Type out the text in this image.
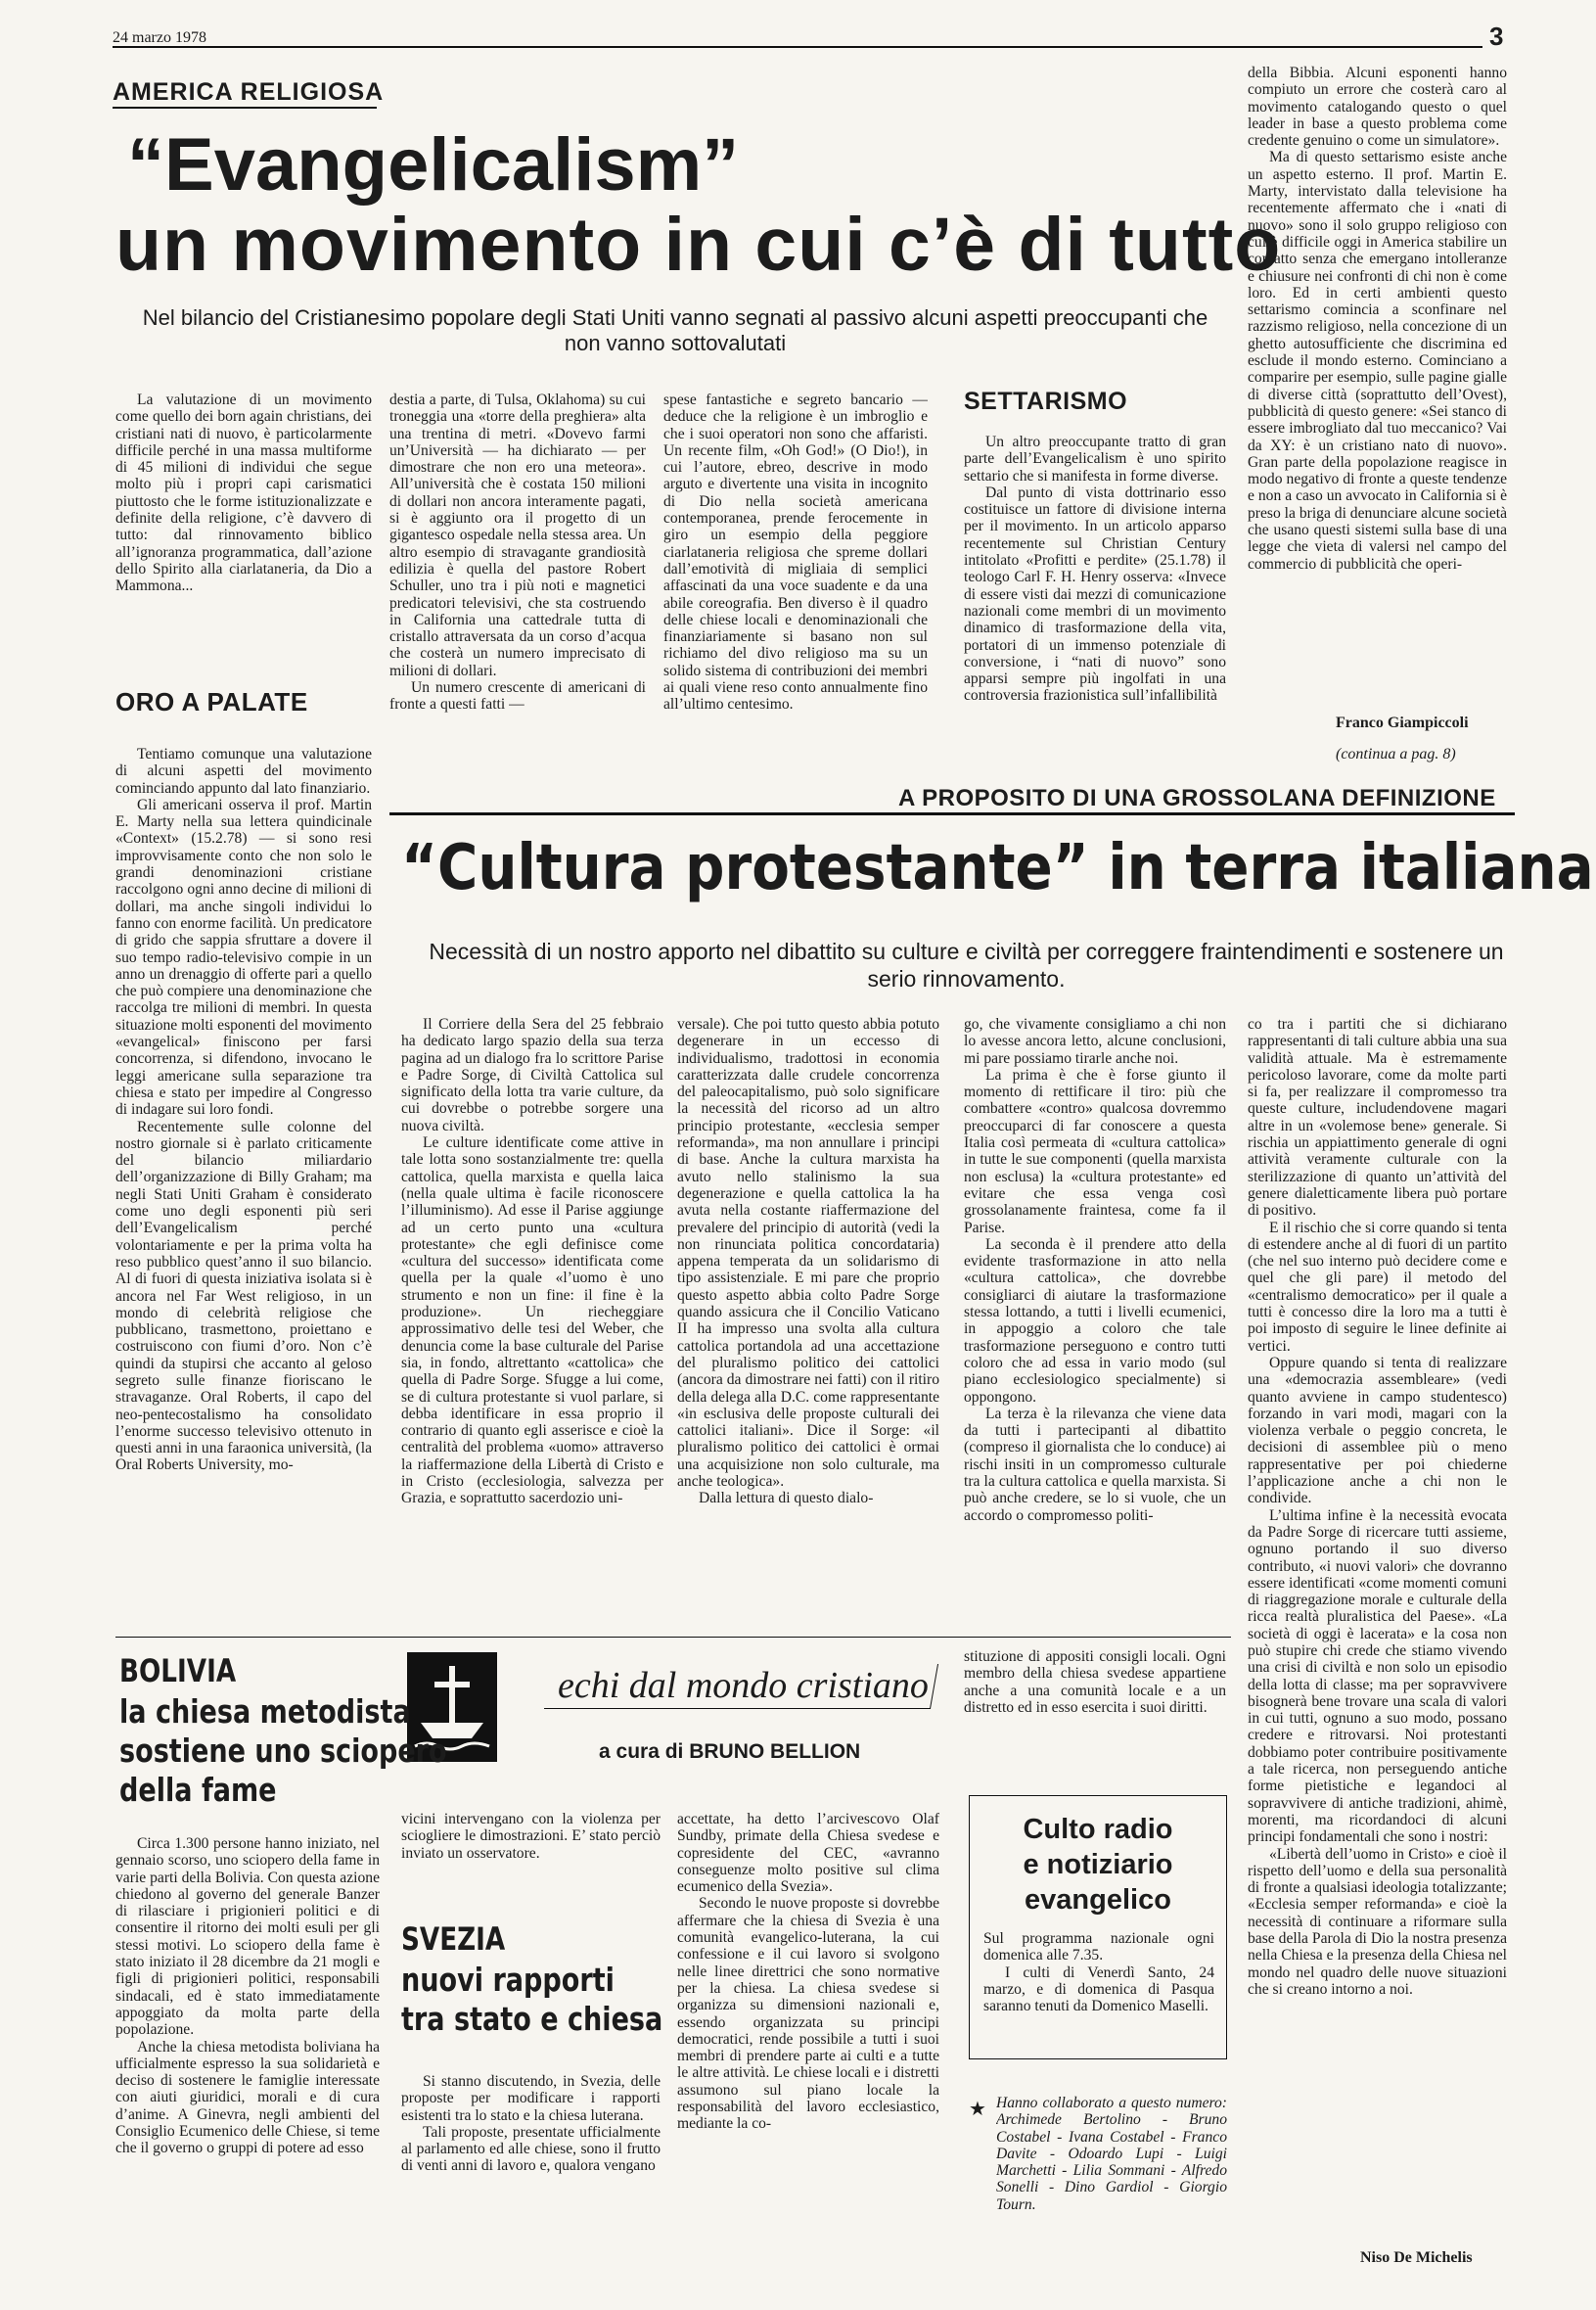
24 marzo 1978	3
AMERICA RELIGIOSA
“Evangelicalism”
un movimento in cui c’è di tutto
Nel bilancio del Cristianesimo popolare degli Stati Uniti vanno segnati al passivo alcuni aspetti preoccupanti che non vanno sottovalutati

La valutazione di un movimento come quello dei born again christians, dei cristiani nati di nuovo, è particolarmente difficile perché in una massa multiforme di 45 milioni di individui che segue molto più i propri capi carismatici piuttosto che le forme istituzionalizzate e definite della religione, c’è davvero di tutto: dal rinnovamento biblico all’ignoranza programmatica, dall’azione dello Spirito alla ciarlataneria, da Dio a Mammona...

ORO A PALATE

Tentiamo comunque una valutazione di alcuni aspetti del movimento cominciando appunto dal lato finanziario.

Gli americani osserva il prof. Martin E. Marty nella sua lettera quindicinale «Context» (15.2.78) — si sono resi improvvisamente conto che non solo le grandi denominazioni cristiane raccolgono ogni anno decine di milioni di dollari, ma anche singoli individui lo fanno con enorme facilità. Un predicatore di grido che sappia sfruttare a dovere il suo tempo radio-televisivo compie in un anno un drenaggio di offerte pari a quello che può compiere una denominazione che raccolga tre milioni di membri. In questa situazione molti esponenti del movimento «evangelical» finiscono per farsi concorrenza, si difendono, invocano le leggi americane sulla separazione tra chiesa e stato per impedire al Congresso di indagare sui loro fondi.

Recentemente sulle colonne del nostro giornale si è parlato criticamente del bilancio miliardario dell’organizzazione di Billy Graham; ma negli Stati Uniti Graham è considerato come uno degli esponenti più seri dell’Evangelicalism perché volontariamente e per la prima volta ha reso pubblico quest’anno il suo bilancio. Al di fuori di questa iniziativa isolata si è ancora nel Far West religioso, in un mondo di celebrità religiose che pubblicano, trasmettono, proiettano e costruiscono con fiumi d’oro. Non c’è quindi da stupirsi che accanto al geloso segreto sulle finanze fioriscano le stravaganze. Oral Roberts, il capo del neo-pentecostalismo ha consolidato l’enorme successo televisivo ottenuto in questi anni in una faraonica università, (la Oral Roberts University, mo-

destia a parte, di Tulsa, Oklahoma) su cui troneggia una «torre della preghiera» alta una trentina di metri. «Dovevo farmi un’Università — ha dichiarato — per dimostrare che non ero una meteora». All’università che è costata 150 milioni di dollari non ancora interamente pagati, si è aggiunto ora il progetto di un gigantesco ospedale nella stessa area. Un altro esempio di stravagante grandiosità edilizia è quella del pastore Robert Schuller, uno tra i più noti e magnetici predicatori televisivi, che sta costruendo in California una cattedrale tutta di cristallo attraversata da un corso d’acqua che costerà un numero imprecisato di milioni di dollari.

Un numero crescente di americani di fronte a questi fatti —

spese fantastiche e segreto bancario — deduce che la religione è un imbroglio e che i suoi operatori non sono che affaristi. Un recente film, «Oh God!» (O Dio!), in cui l’autore, ebreo, descrive in modo arguto e divertente una visita in incognito di Dio nella società americana contemporanea, prende ferocemente in giro un esempio della peggiore ciarlataneria religiosa che spreme dollari dall’emotività di migliaia di semplici affascinati da una voce suadente e da una abile coreografia. Ben diverso è il quadro delle chiese locali e denominazionali che finanziariamente si basano non sul richiamo del divo religioso ma su un solido sistema di contribuzioni dei membri ai quali viene reso conto annualmente fino all’ultimo centesimo.

SETTARISMO

Un altro preoccupante tratto di gran parte dell’Evangelicalism è uno spirito settario che si manifesta in forme diverse.

Dal punto di vista dottrinario esso costituisce un fattore di divisione interna per il movimento. In un articolo apparso recentemente sul Christian Century intitolato «Profitti e perdite» (25.1.78) il teologo Carl F. H. Henry osserva: «Invece di essere visti dai mezzi di comunicazione nazionali come membri di un movimento dinamico di trasformazione della vita, portatori di un immenso potenziale di conversione, i “nati di nuovo” sono apparsi sempre più ingolfati in una controversia frazionistica sull’infallibilità

della Bibbia. Alcuni esponenti hanno compiuto un errore che costerà caro al movimento catalogando questo o quel leader in base a questo problema come credente genuino o come un simulatore».

Ma di questo settarismo esiste anche un aspetto esterno. Il prof. Martin E. Marty, intervistato dalla televisione ha recentemente affermato che i «nati di nuovo» sono il solo gruppo religioso con cui è difficile oggi in America stabilire un contatto senza che emergano intolleranze e chiusure nei confronti di chi non è come loro. Ed in certi ambienti questo settarismo comincia a sconfinare nel razzismo religioso, nella concezione di un ghetto autosufficiente che discrimina ed esclude il mondo esterno. Cominciano a comparire per esempio, sulle pagine gialle di diverse città (soprattutto dell’Ovest), pubblicità di questo genere: «Sei stanco di essere imbrogliato dal tuo meccanico? Vai da XY: è un cristiano nato di nuovo». Gran parte della popolazione reagisce in modo negativo di fronte a queste tendenze e non a caso un avvocato in California si è preso la briga di denunciare alcune società che usano questi sistemi sulla base di una legge che vieta di valersi nel campo del commercio di pubblicità che operi-

Franco Giampiccoli
(continua a pag. 8)
A PROPOSITO DI UNA GROSSOLANA DEFINIZIONE
“Cultura protestante” in terra italiana
Necessità di un nostro apporto nel dibattito su culture e civiltà per correggere fraintendimenti e sostenere un serio rinnovamento.

Il Corriere della Sera del 25 febbraio ha dedicato largo spazio della sua terza pagina ad un dialogo fra lo scrittore Parise e Padre Sorge, di Civiltà Cattolica sul significato della lotta tra varie culture, da cui dovrebbe o potrebbe sorgere una nuova civiltà.

Le culture identificate come attive in tale lotta sono sostanzialmente tre: quella cattolica, quella marxista e quella laica (nella quale ultima è facile riconoscere l’illuminismo). Ad esse il Parise aggiunge ad un certo punto una «cultura protestante» che egli definisce come «cultura del successo» identificata come quella per la quale «l’uomo è uno strumento e non un fine: il fine è la produzione». Un riecheggiare approssimativo delle tesi del Weber, che denuncia come la base culturale del Parise sia, in fondo, altrettanto «cattolica» che quella di Padre Sorge. Sfugge a lui come, se di cultura protestante si vuol parlare, si debba identificare in essa proprio il contrario di quanto egli asserisce e cioè la centralità del problema «uomo» attraverso la riaffermazione della Libertà di Cristo e in Cristo (ecclesiologia, salvezza per Grazia, e soprattutto sacerdozio uni-

versale). Che poi tutto questo abbia potuto degenerare in un eccesso di individualismo, tradottosi in economia caratterizzata dalle crudele concorrenza del paleocapitalismo, può solo significare la necessità del ricorso ad un altro principio protestante, «ecclesia semper reformanda», ma non annullare i principi di base. Anche la cultura marxista ha avuto nello stalinismo la sua degenerazione e quella cattolica la ha avuta nella costante riaffermazione del prevalere del principio di autorità (vedi la non rinunciata politica concordataria) appena temperata da un solidarismo di tipo assistenziale. E mi pare che proprio questo aspetto abbia colto Padre Sorge quando assicura che il Concilio Vaticano II ha impresso una svolta alla cultura cattolica portandola ad una accettazione del pluralismo politico dei cattolici (ancora da dimostrare nei fatti) con il ritiro della delega alla D.C. come rappresentante «in esclusiva delle proposte culturali dei cattolici italiani». Dice il Sorge: «il pluralismo politico dei cattolici è ormai una acquisizione non solo culturale, ma anche teologica».

Dalla lettura di questo dialo-

go, che vivamente consigliamo a chi non lo avesse ancora letto, alcune conclusioni, mi pare possiamo tirarle anche noi.

La prima è che è forse giunto il momento di rettificare il tiro: più che combattere «contro» qualcosa dovremmo preoccuparci di far conoscere a questa Italia così permeata di «cultura cattolica» in tutte le sue componenti (quella marxista non esclusa) la «cultura protestante» ed evitare che essa venga così grossolanamente fraintesa, come fa il Parise.

La seconda è il prendere atto della evidente trasformazione in atto nella «cultura cattolica», che dovrebbe consigliarci di aiutare la trasformazione stessa lottando, a tutti i livelli ecumenici, in appoggio a coloro che tale trasformazione perseguono e contro tutti coloro che ad essa in vario modo (sul piano ecclesiologico specialmente) si oppongono.

La terza è la rilevanza che viene data da tutti i partecipanti al dibattito (compreso il giornalista che lo conduce) ai rischi insiti in un compromesso culturale tra la cultura cattolica e quella marxista. Si può anche credere, se lo si vuole, che un accordo o compromesso politi-

co tra i partiti che si dichiarano rappresentanti di tali culture abbia una sua validità attuale. Ma è estremamente pericoloso lavorare, come da molte parti si fa, per realizzare il compromesso tra queste culture, includendovene magari altre in un «volemose bene» generale. Si rischia un appiattimento generale di ogni attività veramente culturale con la sterilizzazione di quanto un’attività del genere dialetticamente libera può portare di positivo.

E il rischio che si corre quando si tenta di estendere anche al di fuori di un partito (che nel suo interno può decidere come e quel che gli pare) il metodo del «centralismo democratico» per il quale a tutti è concesso dire la loro ma a tutti è poi imposto di seguire le linee definite ai vertici.

Oppure quando si tenta di realizzare una «democrazia assembleare» (vedi quanto avviene in campo studentesco) forzando in vari modi, magari con la violenza verbale o peggio concreta, le decisioni di assemblee più o meno rappresentative per poi chiederne l’applicazione anche a chi non le condivide.

L’ultima infine è la necessità evocata da Padre Sorge di ricercare tutti assieme, ognuno portando il suo diverso contributo, «i nuovi valori» che dovranno essere identificati «come momenti comuni di riaggregazione morale e culturale della ricca realtà pluralistica del Paese». «La società di oggi è lacerata» e la cosa non può stupire chi crede che stiamo vivendo una crisi di civiltà e non solo un episodio della lotta di classe; ma per sopravvivere bisognerà bene trovare una scala di valori in cui tutti, ognuno a suo modo, possano credere e ritrovarsi. Noi protestanti dobbiamo poter contribuire positivamente a tale ricerca, non perseguendo antiche forme pietistiche e legandoci al sopravvivere di antiche tradizioni, ahimè, morenti, ma ricordandoci di alcuni principi fondamentali che sono i nostri:

«Libertà dell’uomo in Cristo» e cioè il rispetto dell’uomo e della sua personalità di fronte a qualsiasi ideologia totalizzante; «Ecclesia semper reformanda» e cioè la necessità di continuare a riformare sulla base della Parola di Dio la nostra presenza nella Chiesa e la presenza della Chiesa nel mondo nel quadro delle nuove situazioni che si creano intorno a noi.

Niso De Michelis
echi dal mondo cristiano
a cura di BRUNO BELLION
BOLIVIA
la chiesa metodista
sostiene uno sciopero
della fame

Circa 1.300 persone hanno iniziato, nel gennaio scorso, uno sciopero della fame in varie parti della Bolivia. Con questa azione chiedono al governo del generale Banzer di rilasciare i prigionieri politici e di consentire il ritorno dei molti esuli per gli stessi motivi. Lo sciopero della fame è stato iniziato il 28 dicembre da 21 mogli e figli di prigionieri politici, responsabili sindacali, ed è stato immediatamente appoggiato da molta parte della popolazione.

Anche la chiesa metodista boliviana ha ufficialmente espresso la sua solidarietà e deciso di sostenere le famiglie interessate con aiuti giuridici, morali e di cura d’anime. A Ginevra, negli ambienti del Consiglio Ecumenico delle Chiese, si teme che il governo o gruppi di potere ad esso

vicini intervengano con la violenza per sciogliere le dimostrazioni. E’ stato perciò inviato un osservatore.

SVEZIA
nuovi rapporti
tra stato e chiesa

Si stanno discutendo, in Svezia, delle proposte per modificare i rapporti esistenti tra lo stato e la chiesa luterana.

Tali proposte, presentate ufficialmente al parlamento ed alle chiese, sono il frutto di venti anni di lavoro e, qualora vengano

accettate, ha detto l’arcivescovo Olaf Sundby, primate della Chiesa svedese e copresidente del CEC, «avranno conseguenze molto positive sul clima ecumenico della Svezia».

Secondo le nuove proposte si dovrebbe affermare che la chiesa di Svezia è una comunità evangelico-luterana, la cui confessione e il cui lavoro si svolgono nelle linee direttrici che sono normative per la chiesa. La chiesa svedese si organizza su dimensioni nazionali e, essendo organizzata su principi democratici, rende possibile a tutti i suoi membri di prendere parte ai culti e a tutte le altre attività. Le chiese locali e i distretti assumono sul piano locale la responsabilità del lavoro ecclesiastico, mediante la co-

stituzione di appositi consigli locali. Ogni membro della chiesa svedese appartiene anche a una comunità locale e a un distretto ed in esso esercita i suoi diritti.

Culto radio
e notiziario
evangelico

Sul programma nazionale ogni domenica alle 7.35.

I culti di Venerdì Santo, 24 marzo, e di domenica di Pasqua saranno tenuti da Domenico Maselli.

★ Hanno collaborato a questo numero: Archimede Bertolino - Bruno Costabel - Ivana Costabel - Franco Davite - Odoardo Lupi - Luigi Marchetti - Lilia Sommani - Alfredo Sonelli - Dino Gardiol - Giorgio Tourn.
